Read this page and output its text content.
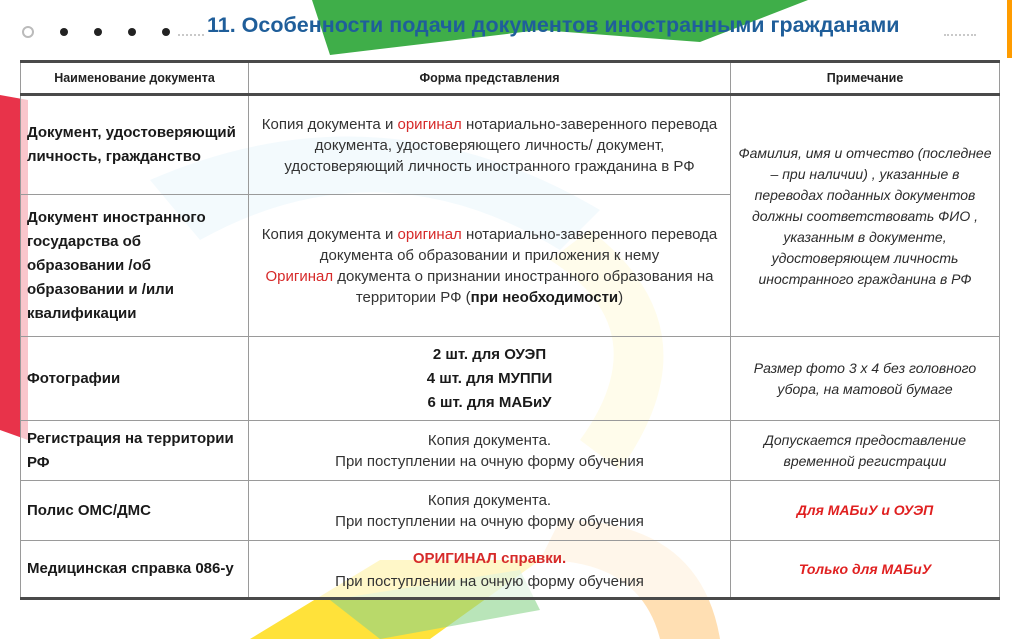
11. Особенности подачи документов иностранными гражданами
Наименование документа	Форма представления	Примечание
Документ, удостоверяющий личность, гражданство	Копия документа и оригинал нотариально-заверенного перевода документа, удостоверяющего личность/ документ, удостоверяющий личность иностранного гражданина в РФ	Фамилия, имя и отчество (последнее – при наличии) , указанные в переводах поданных документов должны соответствовать ФИО , указанным в документе, удостоверяющем личность иностранного гражданина в РФ
Документ иностранного государства об образовании /об образовании и /или квалификации	Копия документа и оригинал нотариально-заверенного перевода документа об образовании и приложения к нему
Оригинал документа о признании иностранного образования на территории РФ (при необходимости)	

Фотографии	2 шт. для ОУЭП
4 шт. для МУППИ
6 шт. для МАБиУ	Размер фото 3 х 4 без головного убора, на матовой бумаге
Регистрация на территории РФ	Копия документа.
При поступлении на очную форму обучения	Допускается предоставление временной регистрации
Полис ОМС/ДМС	Копия документа.
При поступлении на очную форму обучения	Для МАБиУ и ОУЭП
Медицинская справка 086-у	ОРИГИНАЛ справки.
При поступлении на очную форму обучения	Только для МАБиУ
